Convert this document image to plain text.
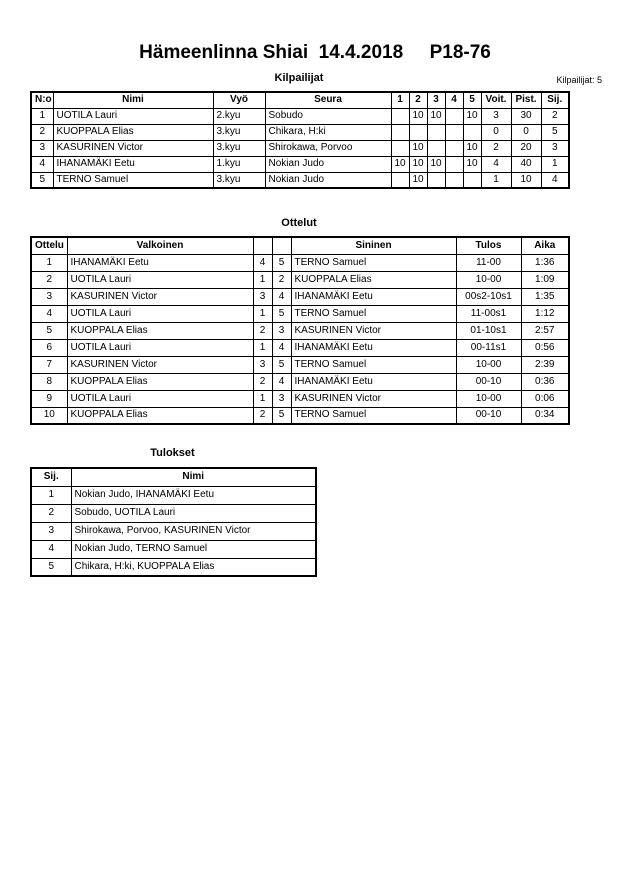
Hämeenlinna Shiai  14.4.2018     P18-76
Kilpailijat	Kilpailijat: 5
N:o	Nimi	Vyö	Seura	1	2	3	4	5	Voit.	Pist.	Sij.
1	UOTILA Lauri	2.kyu	Sobudo		10	10		10	3	30	2
2	KUOPPALA Elias	3.kyu	Chikara, H:ki						0	0	5
3	KASURINEN Victor	3.kyu	Shirokawa, Porvoo		10			10	2	20	3
4	IHANAMÄKI Eetu	1.kyu	Nokian Judo	10	10	10		10	4	40	1
5	TERNO Samuel	3.kyu	Nokian Judo		10				1	10	4
Ottelut
Ottelu	Valkoinen			Sininen	Tulos	Aika
1	IHANAMÄKI Eetu	4	5	TERNO Samuel	11-00	1:36
2	UOTILA Lauri	1	2	KUOPPALA Elias	10-00	1:09
3	KASURINEN Victor	3	4	IHANAMÄKI Eetu	00s2-10s1	1:35
4	UOTILA Lauri	1	5	TERNO Samuel	11-00s1	1:12
5	KUOPPALA Elias	2	3	KASURINEN Victor	01-10s1	2:57
6	UOTILA Lauri	1	4	IHANAMÄKI Eetu	00-11s1	0:56
7	KASURINEN Victor	3	5	TERNO Samuel	10-00	2:39
8	KUOPPALA Elias	2	4	IHANAMÄKI Eetu	00-10	0:36
9	UOTILA Lauri	1	3	KASURINEN Victor	10-00	0:06
10	KUOPPALA Elias	2	5	TERNO Samuel	00-10	0:34
Tulokset
Sij.	Nimi
1	Nokian Judo, IHANAMÄKI Eetu
2	Sobudo, UOTILA Lauri
3	Shirokawa, Porvoo, KASURINEN Victor
4	Nokian Judo, TERNO Samuel
5	Chikara, H:ki, KUOPPALA Elias
